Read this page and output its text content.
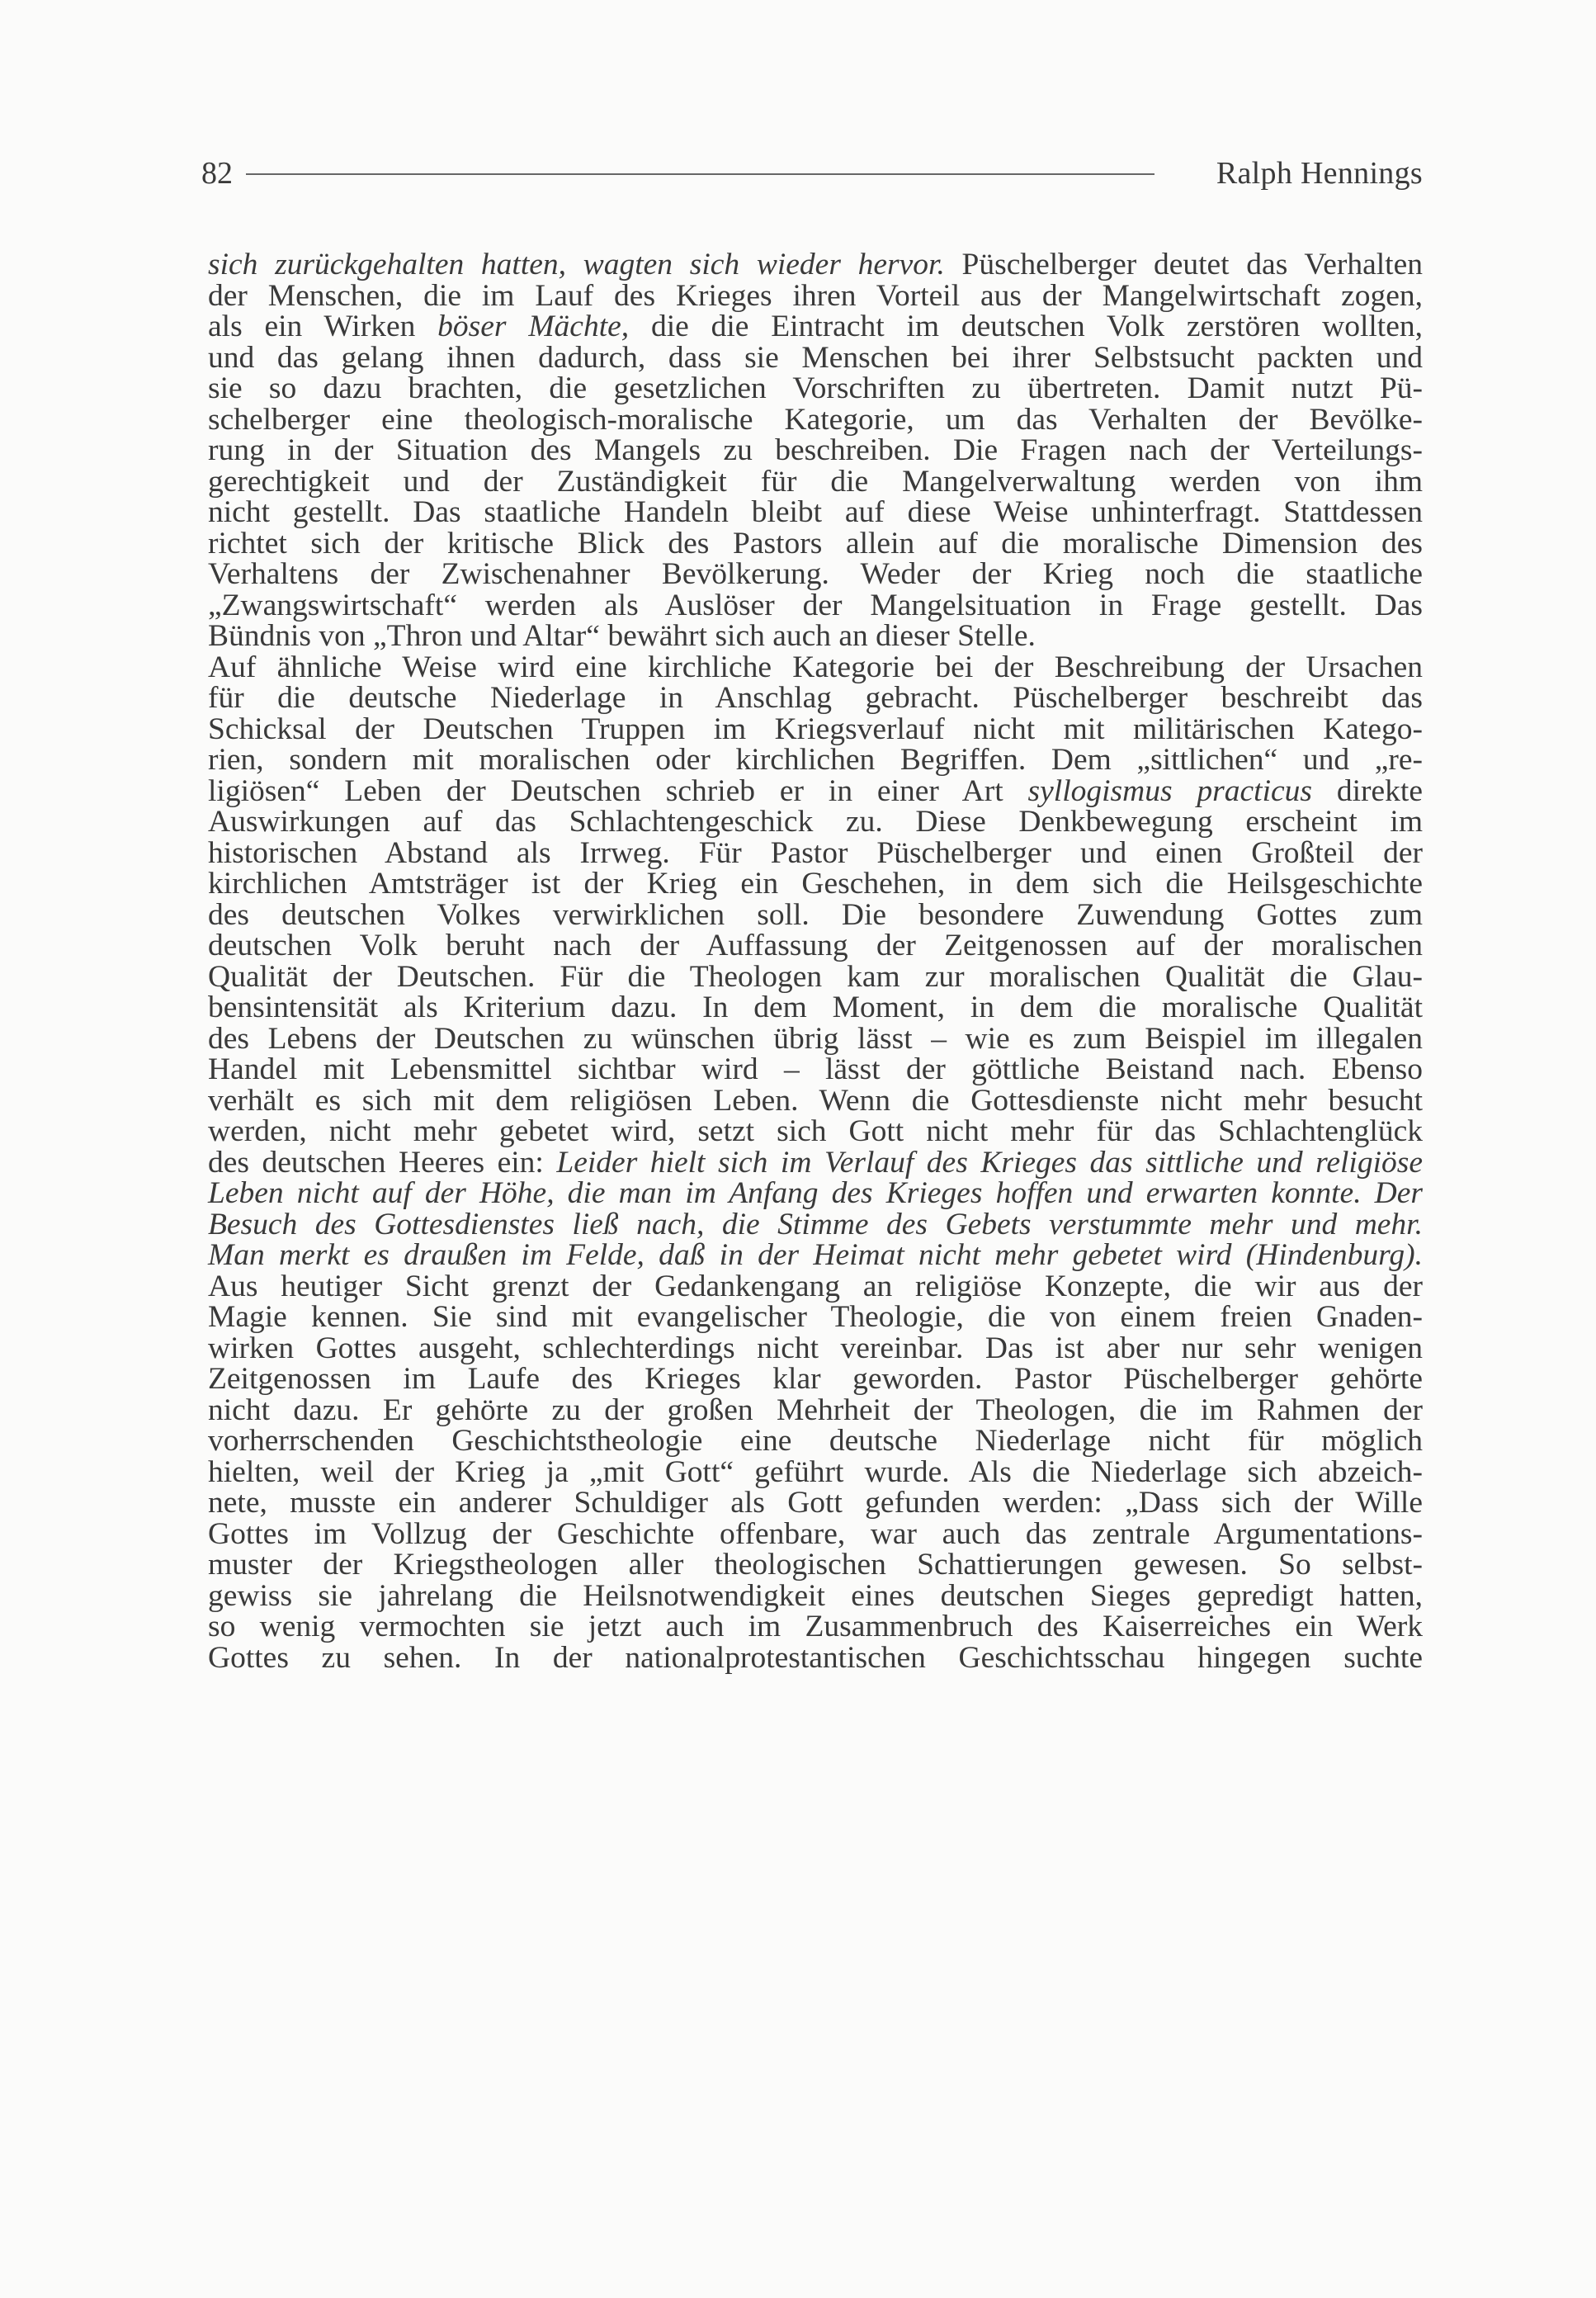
82	Ralph Hennings
sich zurückgehalten hatten, wagten sich wieder hervor. Püschelberger deutet das Verhalten
der Menschen, die im Lauf des Krieges ihren Vorteil aus der Mangelwirtschaft zogen,
als ein Wirken böser Mächte, die die Eintracht im deutschen Volk zerstören wollten,
und das gelang ihnen dadurch, dass sie Menschen bei ihrer Selbstsucht packten und
sie so dazu brachten, die gesetzlichen Vorschriften zu übertreten. Damit nutzt Pü-
schelberger eine theologisch-moralische Kategorie, um das Verhalten der Bevölke-
rung in der Situation des Mangels zu beschreiben. Die Fragen nach der Verteilungs-
gerechtigkeit und der Zuständigkeit für die Mangelverwaltung werden von ihm
nicht gestellt. Das staatliche Handeln bleibt auf diese Weise unhinterfragt. Stattdessen
richtet sich der kritische Blick des Pastors allein auf die moralische Dimension des
Verhaltens der Zwischenahner Bevölkerung. Weder der Krieg noch die staatliche
„Zwangswirtschaft“ werden als Auslöser der Mangelsituation in Frage gestellt. Das
Bündnis von „Thron und Altar“ bewährt sich auch an dieser Stelle.
Auf ähnliche Weise wird eine kirchliche Kategorie bei der Beschreibung der Ursachen
für die deutsche Niederlage in Anschlag gebracht. Püschelberger beschreibt das
Schicksal der Deutschen Truppen im Kriegsverlauf nicht mit militärischen Katego-
rien, sondern mit moralischen oder kirchlichen Begriffen. Dem „sittlichen“ und „re-
ligiösen“ Leben der Deutschen schrieb er in einer Art syllogismus practicus direkte
Auswirkungen auf das Schlachtengeschick zu. Diese Denkbewegung erscheint im
historischen Abstand als Irrweg. Für Pastor Püschelberger und einen Großteil der
kirchlichen Amtsträger ist der Krieg ein Geschehen, in dem sich die Heilsgeschichte
des deutschen Volkes verwirklichen soll. Die besondere Zuwendung Gottes zum
deutschen Volk beruht nach der Auffassung der Zeitgenossen auf der moralischen
Qualität der Deutschen. Für die Theologen kam zur moralischen Qualität die Glau-
bensintensität als Kriterium dazu. In dem Moment, in dem die moralische Qualität
des Lebens der Deutschen zu wünschen übrig lässt – wie es zum Beispiel im illegalen
Handel mit Lebensmittel sichtbar wird – lässt der göttliche Beistand nach. Ebenso
verhält es sich mit dem religiösen Leben. Wenn die Gottesdienste nicht mehr besucht
werden, nicht mehr gebetet wird, setzt sich Gott nicht mehr für das Schlachtenglück
des deutschen Heeres ein: Leider hielt sich im Verlauf des Krieges das sittliche und religiöse
Leben nicht auf der Höhe, die man im Anfang des Krieges hoffen und erwarten konnte. Der
Besuch des Gottesdienstes ließ nach, die Stimme des Gebets verstummte mehr und mehr.
Man merkt es draußen im Felde, daß in der Heimat nicht mehr gebetet wird (Hindenburg).
Aus heutiger Sicht grenzt der Gedankengang an religiöse Konzepte, die wir aus der
Magie kennen. Sie sind mit evangelischer Theologie, die von einem freien Gnaden-
wirken Gottes ausgeht, schlechterdings nicht vereinbar. Das ist aber nur sehr wenigen
Zeitgenossen im Laufe des Krieges klar geworden. Pastor Püschelberger gehörte
nicht dazu. Er gehörte zu der großen Mehrheit der Theologen, die im Rahmen der
vorherrschenden Geschichtstheologie eine deutsche Niederlage nicht für möglich
hielten, weil der Krieg ja „mit Gott“ geführt wurde. Als die Niederlage sich abzeich-
nete, musste ein anderer Schuldiger als Gott gefunden werden: „Dass sich der Wille
Gottes im Vollzug der Geschichte offenbare, war auch das zentrale Argumentations-
muster der Kriegstheologen aller theologischen Schattierungen gewesen. So selbst-
gewiss sie jahrelang die Heilsnotwendigkeit eines deutschen Sieges gepredigt hatten,
so wenig vermochten sie jetzt auch im Zusammenbruch des Kaiserreiches ein Werk
Gottes zu sehen. In der nationalprotestantischen Geschichtsschau hingegen suchte
